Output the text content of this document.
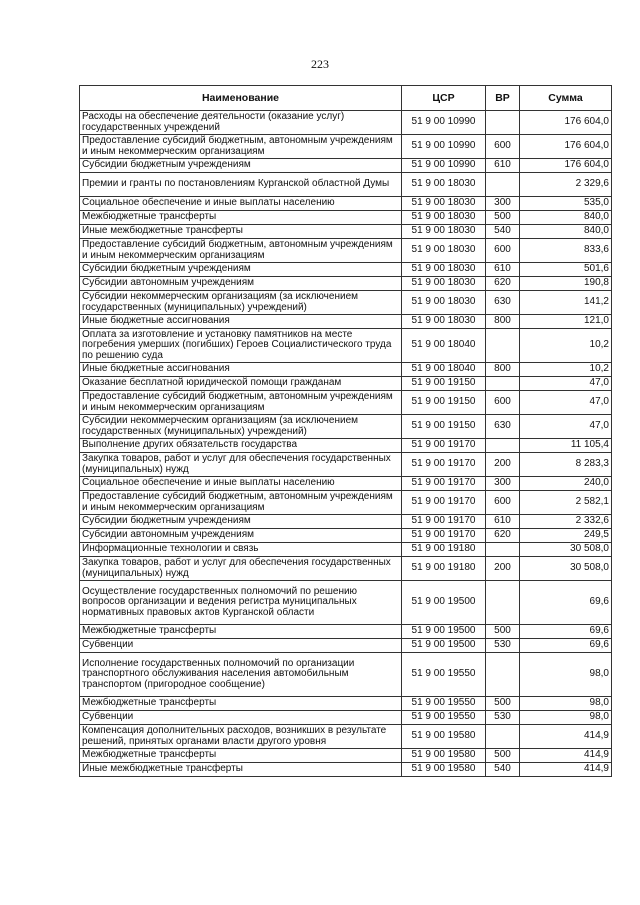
223
Наименование	ЦСР	ВР	Сумма
Расходы на обеспечение деятельности (оказание услуг) государственных учреждений	51 9 00 10990		176 604,0
Предоставление субсидий бюджетным, автономным учреждениям и иным некоммерческим организациям	51 9 00 10990	600	176 604,0
Субсидии бюджетным учреждениям	51 9 00 10990	610	176 604,0
Премии и гранты по постановлениям Курганской областной Думы	51 9 00 18030		2 329,6
Социальное обеспечение и иные выплаты населению	51 9 00 18030	300	535,0
Межбюджетные трансферты	51 9 00 18030	500	840,0
Иные межбюджетные трансферты	51 9 00 18030	540	840,0
Предоставление субсидий бюджетным, автономным учреждениям и иным некоммерческим организациям	51 9 00 18030	600	833,6
Субсидии бюджетным учреждениям	51 9 00 18030	610	501,6
Субсидии автономным учреждениям	51 9 00 18030	620	190,8
Субсидии некоммерческим организациям (за исключением государственных (муниципальных) учреждений)	51 9 00 18030	630	141,2
Иные бюджетные ассигнования	51 9 00 18030	800	121,0
Оплата за изготовление и установку памятников на месте погребения умерших (погибших) Героев Социалистического труда по решению суда	51 9 00 18040		10,2
Иные бюджетные ассигнования	51 9 00 18040	800	10,2
Оказание бесплатной юридической помощи гражданам	51 9 00 19150		47,0
Предоставление субсидий бюджетным, автономным учреждениям и иным некоммерческим организациям	51 9 00 19150	600	47,0
Субсидии некоммерческим организациям (за исключением государственных (муниципальных) учреждений)	51 9 00 19150	630	47,0
Выполнение других обязательств государства	51 9 00 19170		11 105,4
Закупка товаров, работ и услуг для обеспечения государственных (муниципальных) нужд	51 9 00 19170	200	8 283,3
Социальное обеспечение и иные выплаты населению	51 9 00 19170	300	240,0
Предоставление субсидий бюджетным, автономным учреждениям и иным некоммерческим организациям	51 9 00 19170	600	2 582,1
Субсидии бюджетным учреждениям	51 9 00 19170	610	2 332,6
Субсидии автономным учреждениям	51 9 00 19170	620	249,5
Информационные технологии и связь	51 9 00 19180		30 508,0
Закупка товаров, работ и услуг для обеспечения государственных (муниципальных) нужд	51 9 00 19180	200	30 508,0
Осуществление государственных полномочий по решению вопросов организации и ведения регистра муниципальных нормативных правовых актов Курганской области	51 9 00 19500		69,6
Межбюджетные трансферты	51 9 00 19500	500	69,6
Субвенции	51 9 00 19500	530	69,6
Исполнение государственных полномочий по организации транспортного обслуживания населения автомобильным транспортом (пригородное сообщение)	51 9 00 19550		98,0
Межбюджетные трансферты	51 9 00 19550	500	98,0
Субвенции	51 9 00 19550	530	98,0
Компенсация дополнительных расходов, возникших в результате решений, принятых органами власти другого уровня	51 9 00 19580		414,9
Межбюджетные трансферты	51 9 00 19580	500	414,9
Иные межбюджетные трансферты	51 9 00 19580	540	414,9
